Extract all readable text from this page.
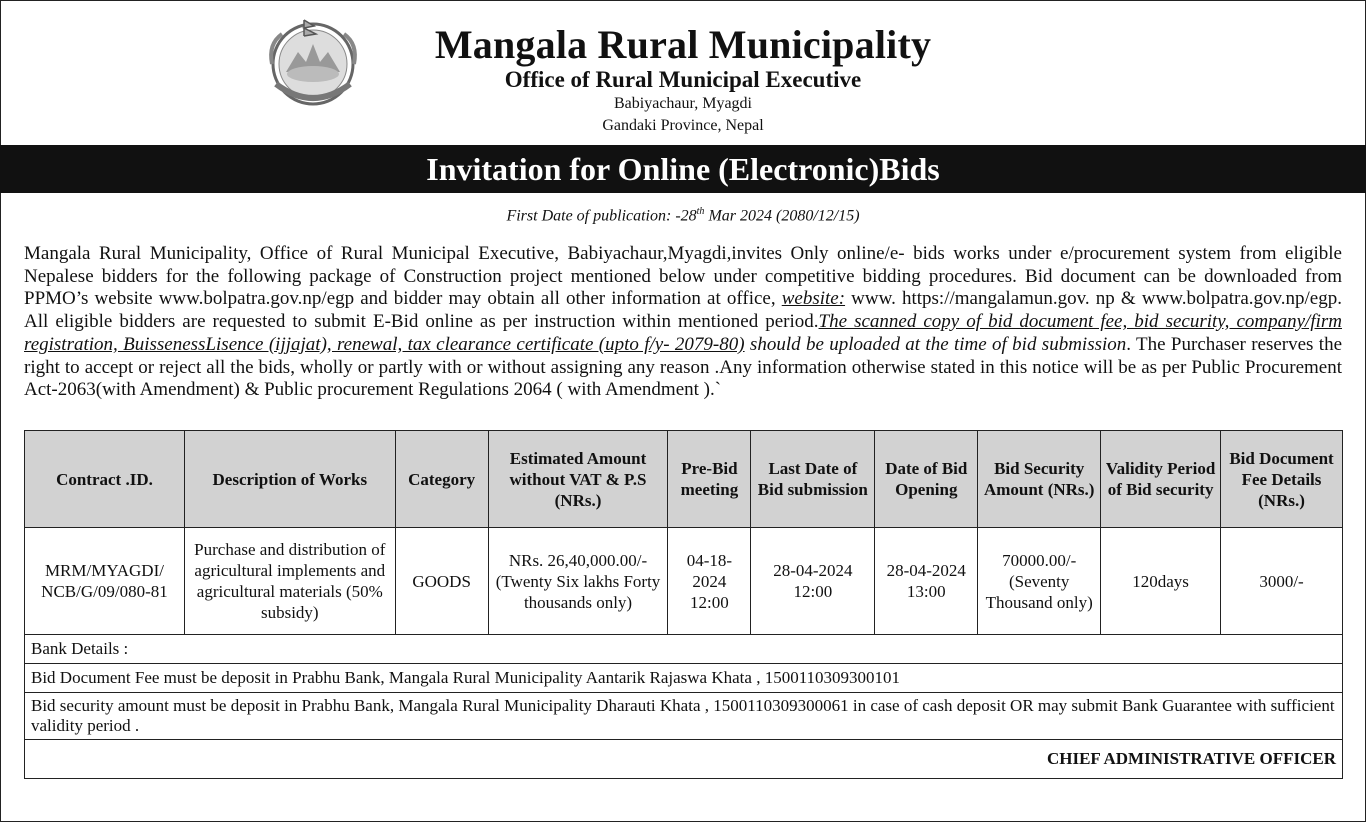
Mangala Rural Municipality
Office of Rural Municipal Executive
Babiyachaur, Myagdi
Gandaki Province, Nepal
Invitation for Online (Electronic)Bids
First Date of publication: -28th Mar 2024 (2080/12/15)
Mangala Rural Municipality, Office of Rural Municipal Executive, Babiyachaur,Myagdi,invites Only online/e- bids works under e/procurement system from eligible Nepalese bidders for the following package of Construction project mentioned below under competitive bidding procedures. Bid document can be downloaded from PPMO’s website www.bolpatra.gov.np/egp and bidder may obtain all other information at office, website: www. https://mangalamun.gov. np & www.bolpatra.gov.np/egp. All eligible bidders are requested to submit E-Bid online as per instruction within mentioned period.The scanned copy of bid document fee, bid security, company/firm registration, BuissenessLisence (ijjajat), renewal, tax clearance certificate (upto f/y- 2079-80) should be uploaded at the time of bid submission. The Purchaser reserves the right to accept or reject all the bids, wholly or partly with or without assigning any reason .Any information otherwise stated in this notice will be as per Public Procurement Act-2063(with Amendment) & Public procurement Regulations 2064 ( with Amendment ).`
Contract .ID.	Description of Works	Category	Estimated Amount without VAT & P.S (NRs.)	Pre-Bid meeting	Last Date of Bid submission	Date of Bid Opening	Bid Security Amount (NRs.)	Validity Period of Bid security	Bid Document Fee Details (NRs.)
MRM/MYAGDI/ NCB/G/09/080-81	Purchase and distribution of agricultural implements and agricultural materials (50% subsidy)	GOODS	NRs. 26,40,000.00/- (Twenty Six lakhs Forty thousands only)	04-18-2024 12:00	28-04-2024 12:00	28-04-2024 13:00	70000.00/- (Seventy Thousand only)	120days	3000/-
Bank Details :									
Bid Document Fee must be deposit in Prabhu Bank, Mangala Rural Municipality Aantarik Rajaswa Khata , 1500110309300101									
Bid security amount must be deposit in Prabhu Bank, Mangala Rural Municipality Dharauti Khata , 1500110309300061 in case of cash deposit OR may submit Bank Guarantee with sufficient validity period .									
CHIEF ADMINISTRATIVE OFFICER									
